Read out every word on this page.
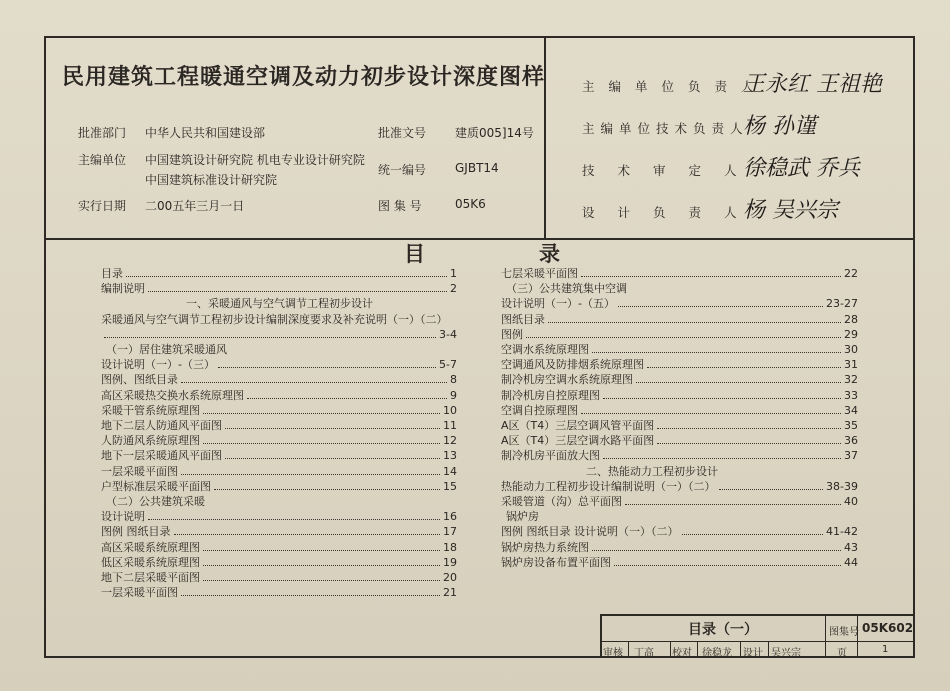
民用建筑工程暖通空调及动力初步设计深度图样
批准部门 中华人民共和国建设部	批准文号 建质005]14号
主编单位 中国建筑设计研究院 机电专业设计研究院
中国建筑标准设计研究院
统一编号 GJBT14
实行日期 二00五年三月一日	图 集 号	05K6
主编单位负责人
王永红 王祖艳
主编单位技术负责人
杨 孙谨
技术审定人
徐稳武 乔兵
设计负责人
杨 吴兴宗
目	录
目录	1
编制说明	2
一、采暖通风与空气调节工程初步设计
采暖通风与空气调节工程初步设计编制深度要求及补充说明（一）（二）
3-4
（一）居住建筑采暖通风
设计说明（一）-（三）	5-7
图例、图纸目录	8
高区采暖热交换水系统原理图	9
采暖干管系统原理图	10
地下二层人防通风平面图	11
人防通风系统原理图	12
地下一层采暖通风平面图	13
一层采暖平面图	14
户型标准层采暖平面图	15
（二）公共建筑采暖
设计说明	16
图例 图纸目录	17
高区采暖系统原理图	18
低区采暖系统原理图	19
地下二层采暖平面图	20
一层采暖平面图	21
七层采暖平面图	22
（三）公共建筑集中空调
设计说明（一）-（五）	23-27
图纸目录	28
图例	29
空调水系统原理图	30
空调通风及防排烟系统原理图	31
制冷机房空调水系统原理图	32
制冷机房自控原理图	33
空调自控原理图	34
A区（T4）三层空调风管平面图	35
A区（T4）三层空调水路平面图	36
制冷机房平面放大图	37
二、热能动力工程初步设计
热能动力工程初步设计编制说明（一）（二）	38-39
采暖管道（沟）总平面图	40
锅炉房
图例 图纸目录 设计说明（一）（二）	41-42
锅炉房热力系统图	43
锅炉房设备布置平面图	44
目录（一）	图集号 05K602
审核 丁高 校对 徐稳龙 设计 吴兴宗	页	1
